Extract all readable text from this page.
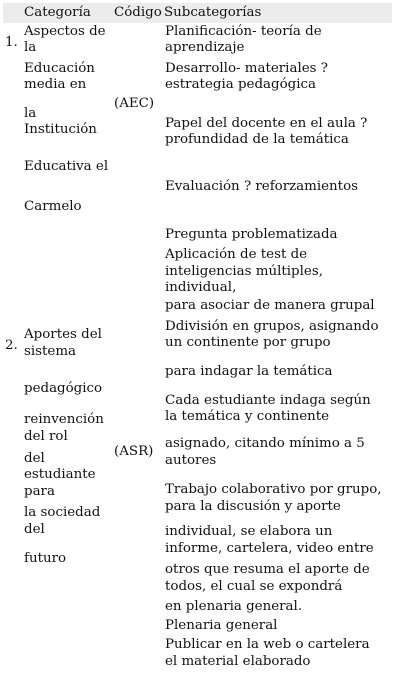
Categoría Código Subcategorías
1.
Aspectos de
la
Educación
media en
la
Institución
Educativa el
Carmelo
(AEC)
Planificación- teoría de
aprendizaje
Desarrollo- materiales ?
estrategia pedagógica
Papel del docente en el aula ?
profundidad de la temática
Evaluación ? reforzamientos
2.
Aportes del
sistema
pedagógico
reinvención
del rol
del
estudiante
para
la sociedad
del
futuro
(ASR)
Pregunta problematizada
Aplicación de test de
inteligencias múltiples,
individual,
para asociar de manera grupal
Ddivisión en grupos, asignando
un continente por grupo
para indagar la temática
Cada estudiante indaga según
la temática y continente
asignado, citando mínimo a 5
autores
Trabajo colaborativo por grupo,
para la discusión y aporte
individual, se elabora un
informe, cartelera, video entre
otros que resuma el aporte de
todos, el cual se expondrá
en plenaria general.
Plenaria general
Publicar en la web o cartelera
el material elaborado
